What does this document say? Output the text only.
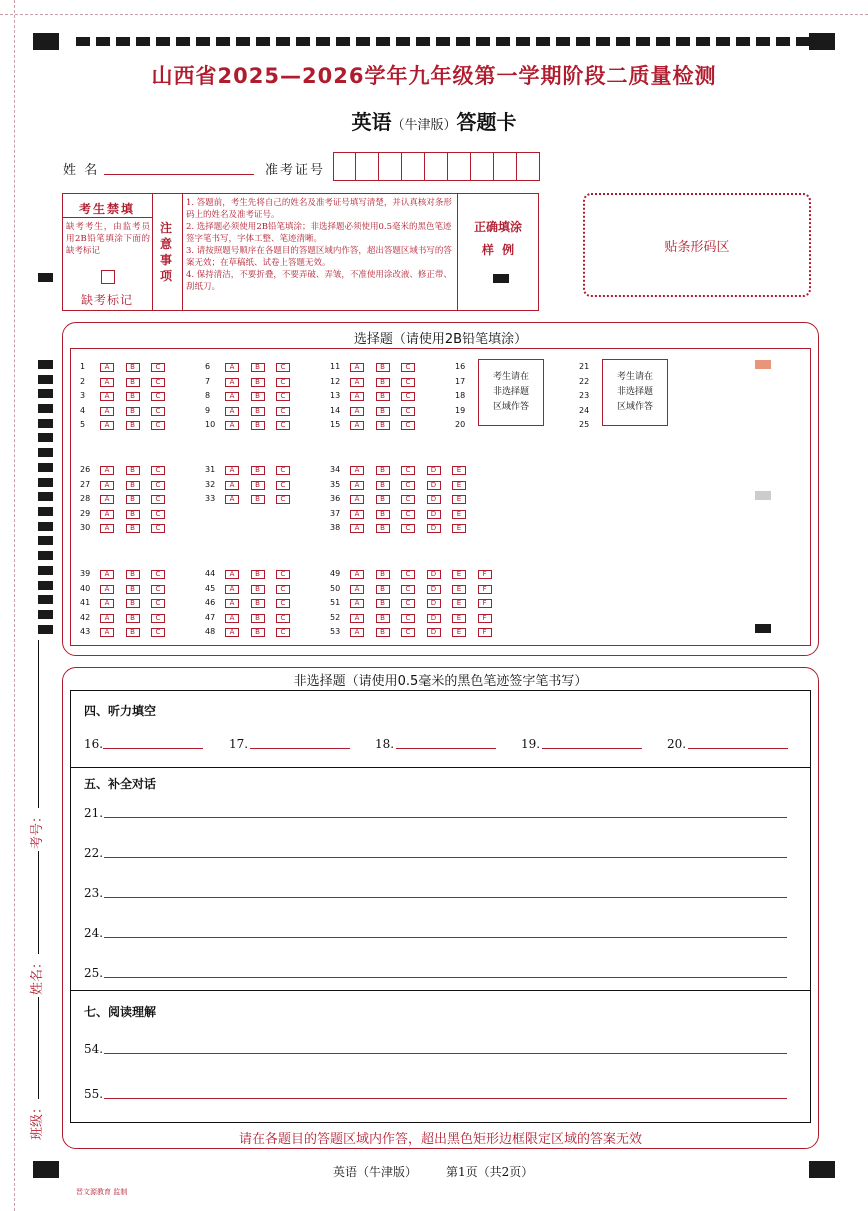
山西省2025—2026学年九年级第一学期阶段二质量检测
英语（牛津版）答题卡
姓  名	准考证号
考生禁填
缺考考生，由监考员用2B铅笔填涂下面的缺考标记
缺考标记
注意事项
1. 答题前，考生先将自己的姓名及准考证号填写清楚，并认真核对条形码上的姓名及准考证号。
2. 选择题必须使用2B铅笔填涂；非选择题必须使用0.5毫米的黑色笔迹签字笔书写，字体工整、笔迹清晰。
3. 请按照题号顺序在各题目的答题区域内作答，超出答题区域书写的答案无效；在草稿纸、试卷上答题无效。
4. 保持清洁，不要折叠，不要弄破、弄皱，不准使用涂改液、修正带、刮纸刀。
正确填涂
样  例	贴条形码区
选择题（请使用2B铅笔填涂）
1	A	B	C
2	A	B	C
3	A	B	C
4	A	B	C
5	A	B	C
6	A	B	C
7	A	B	C
8	A	B	C
9	A	B	C
10	A	B	C
11	A	B	C
12	A	B	C
13	A	B	C
14	A	B	C
15	A	B	C
26	A	B	C
27	A	B	C
28	A	B	C
29	A	B	C
30	A	B	C
31	A	B	C
32	A	B	C
33	A	B	C
34	A	B	C	D	E
35	A	B	C	D	E
36	A	B	C	D	E
37	A	B	C	D	E
38	A	B	C	D	E
39	A	B	C
40	A	B	C
41	A	B	C
42	A	B	C
43	A	B	C
44	A	B	C
45	A	B	C
46	A	B	C
47	A	B	C
48	A	B	C
49	A	B	C	D	E	F
50	A	B	C	D	E	F
51	A	B	C	D	E	F
52	A	B	C	D	E	F
53	A	B	C	D	E	F
16
17
18
19
20
21
22
23
24
25
考生请在
非选择题
区域作答
考生请在
非选择题
区域作答
非选择题（请使用0.5毫米的黑色笔迹签字笔书写）
四、听力填空
16.	17.	18.	19.	20.
五、补全对话
21.
22.
23.
24.
25.
七、阅读理解
54.
55.
请在各题目的答题区域内作答，超出黑色矩形边框限定区域的答案无效
考号：
姓名：
班级：
英语（牛津版） 第1页（共2页）
晋文源教育 监制
